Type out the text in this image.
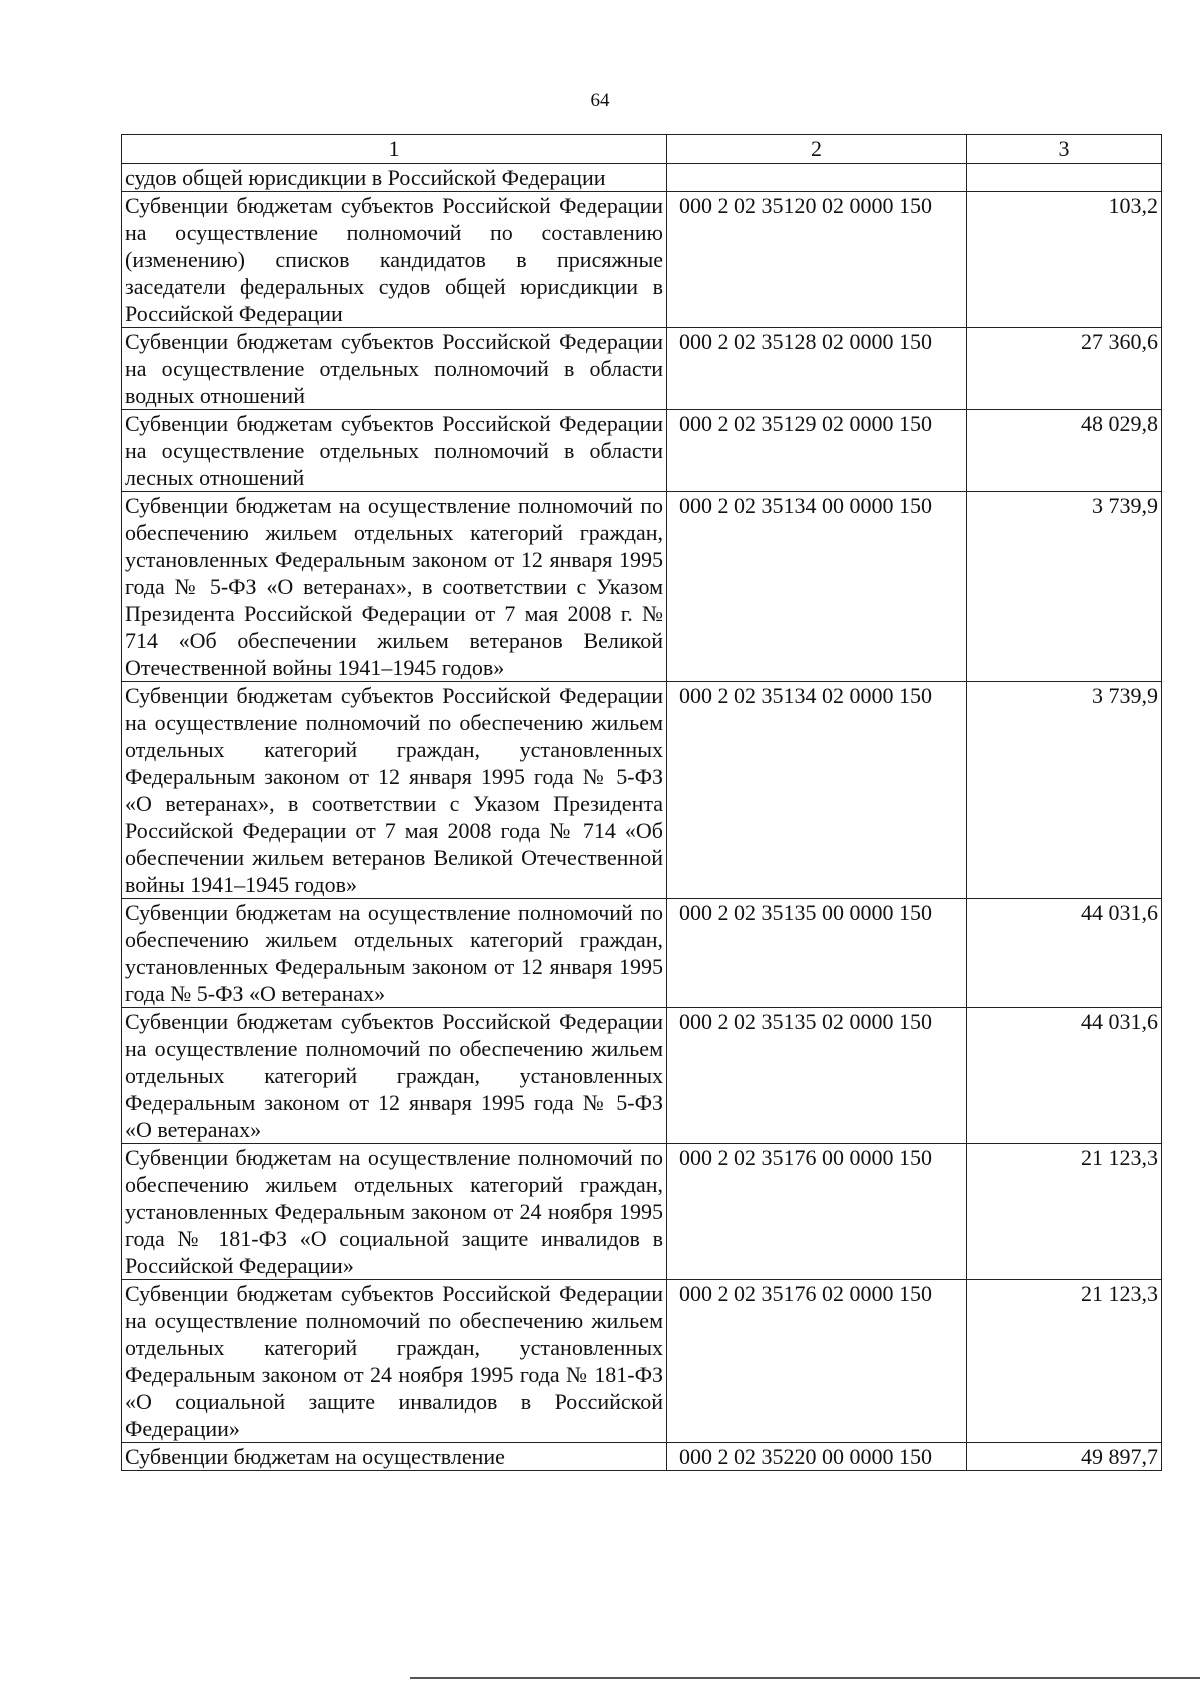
64
1	2	3
судов общей юрисдикции в Российской Федерации		
Субвенции бюджетам субъектов Российской Федерации на осуществление полномочий по составлению (изменению) списков кандидатов в присяжные заседатели федеральных судов общей юрисдикции в Российской Федерации	000 2 02 35120 02 0000 150	103,2
Субвенции бюджетам субъектов Российской Федерации на осуществление отдельных полномочий в области водных отношений	000 2 02 35128 02 0000 150	27 360,6
Субвенции бюджетам субъектов Российской Федерации на осуществление отдельных полномочий в области лесных отношений	000 2 02 35129 02 0000 150	48 029,8
Субвенции бюджетам на осуществление полномочий по обеспечению жильем отдельных категорий граждан, установленных Федеральным законом от 12 января 1995 года № 5-ФЗ «О ветеранах», в соответствии с Указом Президента Российской Федерации от 7 мая 2008 г. № 714 «Об обеспечении жильем ветеранов Великой Отечественной войны 1941–1945 годов»	000 2 02 35134 00 0000 150	3 739,9
Субвенции бюджетам субъектов Российской Федерации на осуществление полномочий по обеспечению жильем отдельных категорий граждан, установленных Федеральным законом от 12 января 1995 года № 5-ФЗ «О ветеранах», в соответствии с Указом Президента Российской Федерации от 7 мая 2008 года № 714 «Об обеспечении жильем ветеранов Великой Отечественной войны 1941–1945 годов»	000 2 02 35134 02 0000 150	3 739,9
Субвенции бюджетам на осуществление полномочий по обеспечению жильем отдельных категорий граждан, установленных Федеральным законом от 12 января 1995 года № 5-ФЗ «О ветеранах»	000 2 02 35135 00 0000 150	44 031,6
Субвенции бюджетам субъектов Российской Федерации на осуществление полномочий по обеспечению жильем отдельных категорий граждан, установленных Федеральным законом от 12 января 1995 года № 5-ФЗ «О ветеранах»	000 2 02 35135 02 0000 150	44 031,6
Субвенции бюджетам на осуществление полномочий по обеспечению жильем отдельных категорий граждан, установленных Федеральным законом от 24 ноября 1995 года № 181-ФЗ «О социальной защите инвалидов в Российской Федерации»	000 2 02 35176 00 0000 150	21 123,3
Субвенции бюджетам субъектов Российской Федерации на осуществление полномочий по обеспечению жильем отдельных категорий граждан, установленных Федеральным законом от 24 ноября 1995 года № 181-ФЗ «О социальной защите инвалидов в Российской Федерации»	000 2 02 35176 02 0000 150	21 123,3
Субвенции бюджетам на осуществление	000 2 02 35220 00 0000 150	49 897,7
